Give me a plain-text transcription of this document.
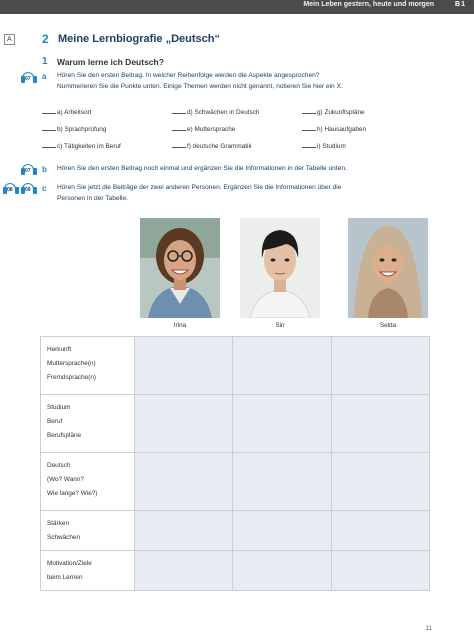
Mein Leben gestern, heute und morgen	B1
A	2 Meine Lernbiografie „Deutsch“
1 Warum lerne ich Deutsch?
07 a Hören Sie den ersten Beitrag. In welcher Reihenfolge werden die Aspekte angesprochen?
Nummerieren Sie die Punkte unten. Einige Themen werden nicht genannt, notieren Sie hier ein X.
a) Arbeitsort	d) Schwächen in Deutsch	g) Zukunftspläne
b) Sprachprüfung	e) Muttersprache	h) Hausaufgaben
c) Tätigkeiten im Beruf	f) deutsche Grammatik	i) Studium
07 b Hören Sie den ersten Beitrag noch einmal und ergänzen Sie die Informationen in der Tabelle unten.
08 09 c Hören Sie jetzt die Beiträge der zwei anderen Personen. Ergänzen Sie die Informationen über die
Personen in der Tabelle.
Irina	Sin	Selda
Herkunft
Muttersprache(n)
Fremdsprache(n)			

Studium
Beruf
Berufspläne			

Deutsch
(Wo? Wann?
Wie lange? Wie?)			

Stärken
Schwächen			

Motivation/Ziele
beim Lernen			

11
